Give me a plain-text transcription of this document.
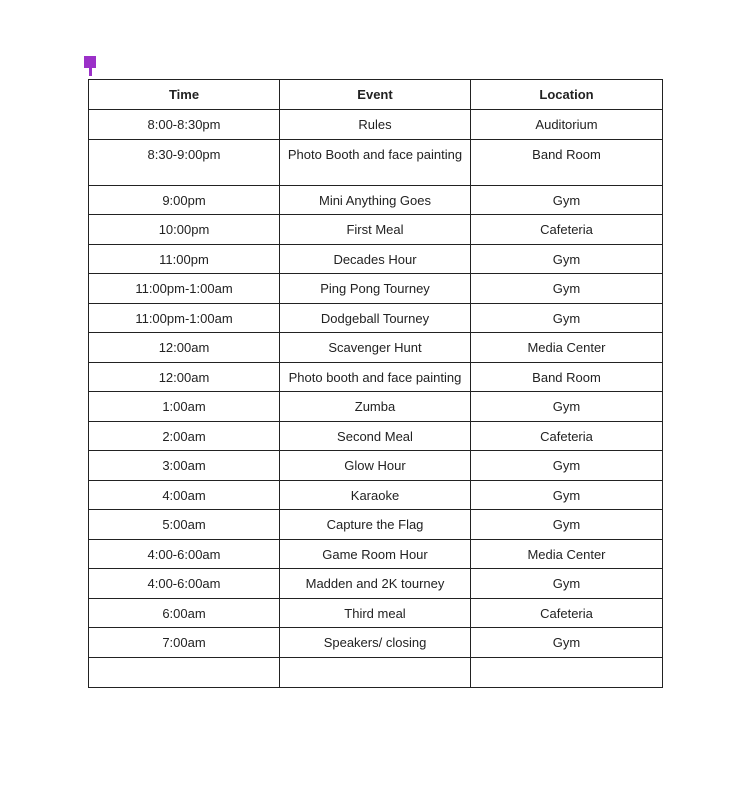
Time	Event	Location
8:00-8:30pm	Rules	Auditorium
8:30-9:00pm	Photo Booth and face painting	Band Room
9:00pm	Mini Anything Goes	Gym
10:00pm	First Meal	Cafeteria
11:00pm	Decades Hour	Gym
11:00pm-1:00am	Ping Pong Tourney	Gym
11:00pm-1:00am	Dodgeball Tourney	Gym
12:00am	Scavenger Hunt	Media Center
12:00am	Photo booth and face painting	Band Room
1:00am	Zumba	Gym
2:00am	Second Meal	Cafeteria
3:00am	Glow Hour	Gym
4:00am	Karaoke	Gym
5:00am	Capture the Flag	Gym
4:00-6:00am	Game Room Hour	Media Center
4:00-6:00am	Madden and 2K tourney	Gym
6:00am	Third meal	Cafeteria
7:00am	Speakers/ closing	Gym
